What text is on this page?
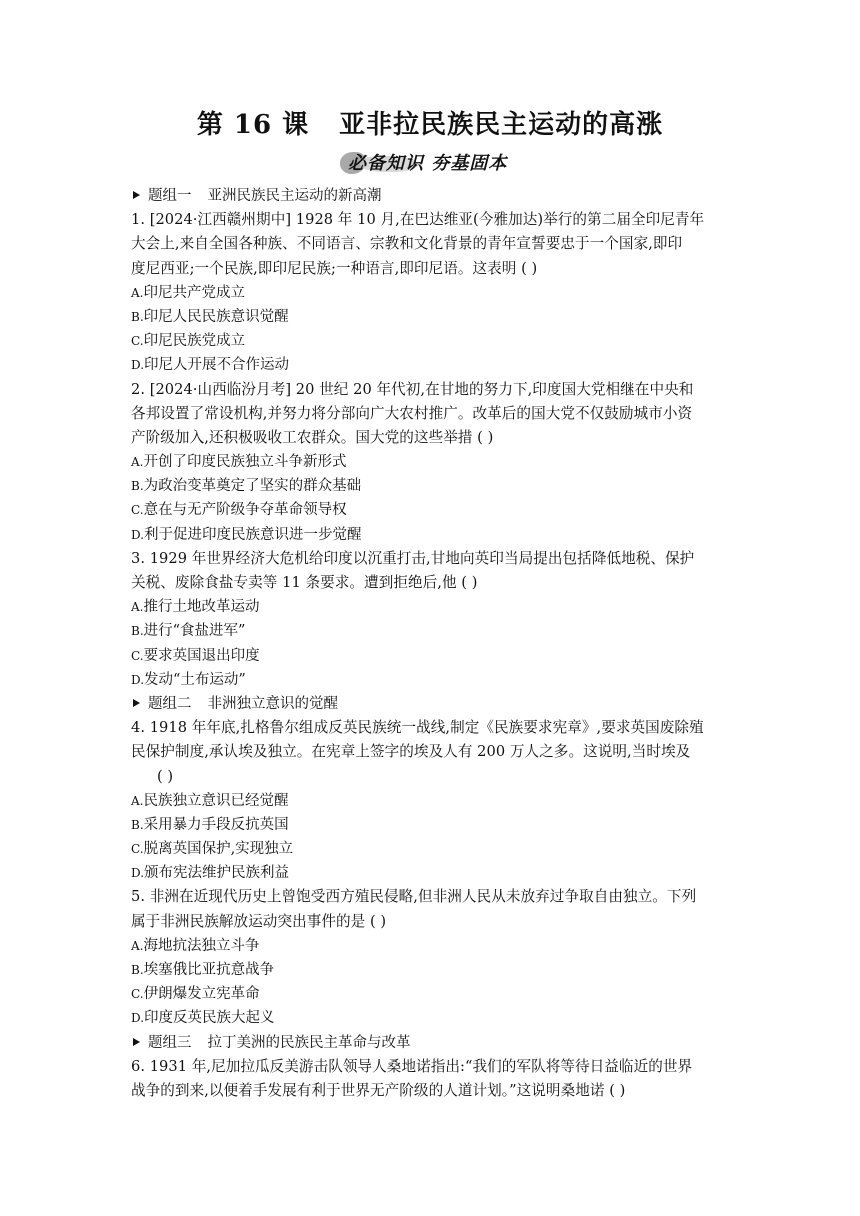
第 16 课 亚非拉民族民主运动的高涨
必备知识 夯基固本
题组一 亚洲民族民主运动的新高潮
1. [2024·江西赣州期中] 1928 年 10 月,在巴达维亚(今雅加达)举行的第二届全印尼青年
大会上,来自全国各种族、不同语言、宗教和文化背景的青年宣誓要忠于一个国家,即印
度尼西亚;一个民族,即印尼民族;一种语言,即印尼语。这表明 ( )
A.印尼共产党成立
B.印尼人民民族意识觉醒
C.印尼民族党成立
D.印尼人开展不合作运动
2. [2024·山西临汾月考] 20 世纪 20 年代初,在甘地的努力下,印度国大党相继在中央和
各邦设置了常设机构,并努力将分部向广大农村推广。改革后的国大党不仅鼓励城市小资
产阶级加入,还积极吸收工农群众。国大党的这些举措 ( )
A.开创了印度民族独立斗争新形式
B.为政治变革奠定了坚实的群众基础
C.意在与无产阶级争夺革命领导权
D.利于促进印度民族意识进一步觉醒
3. 1929 年世界经济大危机给印度以沉重打击,甘地向英印当局提出包括降低地税、保护
关税、废除食盐专卖等 11 条要求。遭到拒绝后,他 ( )
A.推行土地改革运动
B.进行“食盐进军”
C.要求英国退出印度
D.发动“土布运动”
题组二 非洲独立意识的觉醒
4. 1918 年年底,扎格鲁尔组成反英民族统一战线,制定《民族要求宪章》,要求英国废除殖
民保护制度,承认埃及独立。在宪章上签字的埃及人有 200 万人之多。这说明,当时埃及
( )
A.民族独立意识已经觉醒
B.采用暴力手段反抗英国
C.脱离英国保护,实现独立
D.颁布宪法维护民族利益
5. 非洲在近现代历史上曾饱受西方殖民侵略,但非洲人民从未放弃过争取自由独立。下列
属于非洲民族解放运动突出事件的是 ( )
A.海地抗法独立斗争
B.埃塞俄比亚抗意战争
C.伊朗爆发立宪革命
D.印度反英民族大起义
题组三 拉丁美洲的民族民主革命与改革
6. 1931 年,尼加拉瓜反美游击队领导人桑地诺指出:“我们的军队将等待日益临近的世界
战争的到来,以便着手发展有利于世界无产阶级的人道计划。”这说明桑地诺 ( )
